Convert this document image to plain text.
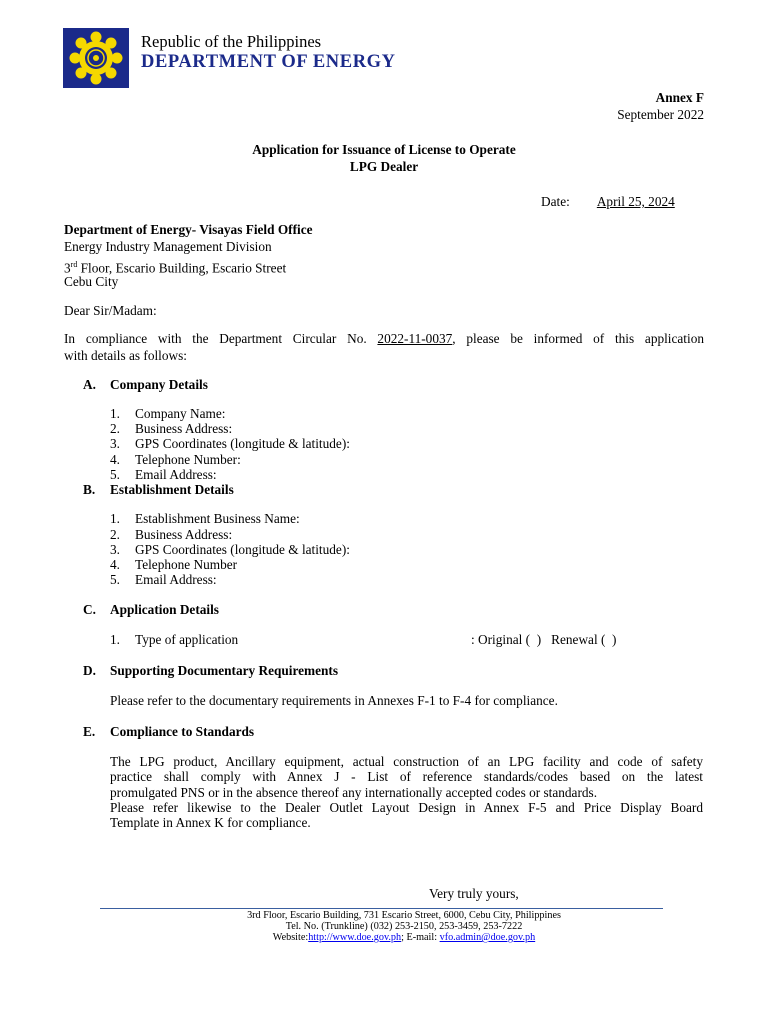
Republic of the Philippines
DEPARTMENT OF ENERGY
Annex F
September 2022
Application for Issuance of License to Operate
LPG Dealer
Date: April 25, 2024
Department of Energy- Visayas Field Office
Energy Industry Management Division
3rd Floor, Escario Building, Escario Street
Cebu City
Dear Sir/Madam:
In compliance with the Department Circular No. 2022-11-0037, please be informed of this application
with details as follows:
A. Company Details
1. Company Name:
2. Business Address:
3. GPS Coordinates (longitude & latitude):
4. Telephone Number:
5. Email Address:
B. Establishment Details
1. Establishment Business Name:
2. Business Address:
3. GPS Coordinates (longitude & latitude):
4. Telephone Number
5. Email Address:
C. Application Details
1. Type of application	: Original (  )   Renewal (  )
D. Supporting Documentary Requirements
Please refer to the documentary requirements in Annexes F-1 to F-4 for compliance.
E. Compliance to Standards
The LPG product, Ancillary equipment, actual construction of an LPG facility and code of safety
practice shall comply with Annex J - List of reference standards/codes based on the latest
promulgated PNS or in the absence thereof any internationally accepted codes or standards.
Please refer likewise to the Dealer Outlet Layout Design in Annex F-5 and Price Display Board
Template in Annex K for compliance.
Very truly yours,
3rd Floor, Escario Building, 731 Escario Street, 6000, Cebu City, Philippines
Tel. No. (Trunkline) (032) 253-2150, 253-3459, 253-7222
Website:http://www.doe.gov.ph; E-mail: vfo.admin@doe.gov.ph
